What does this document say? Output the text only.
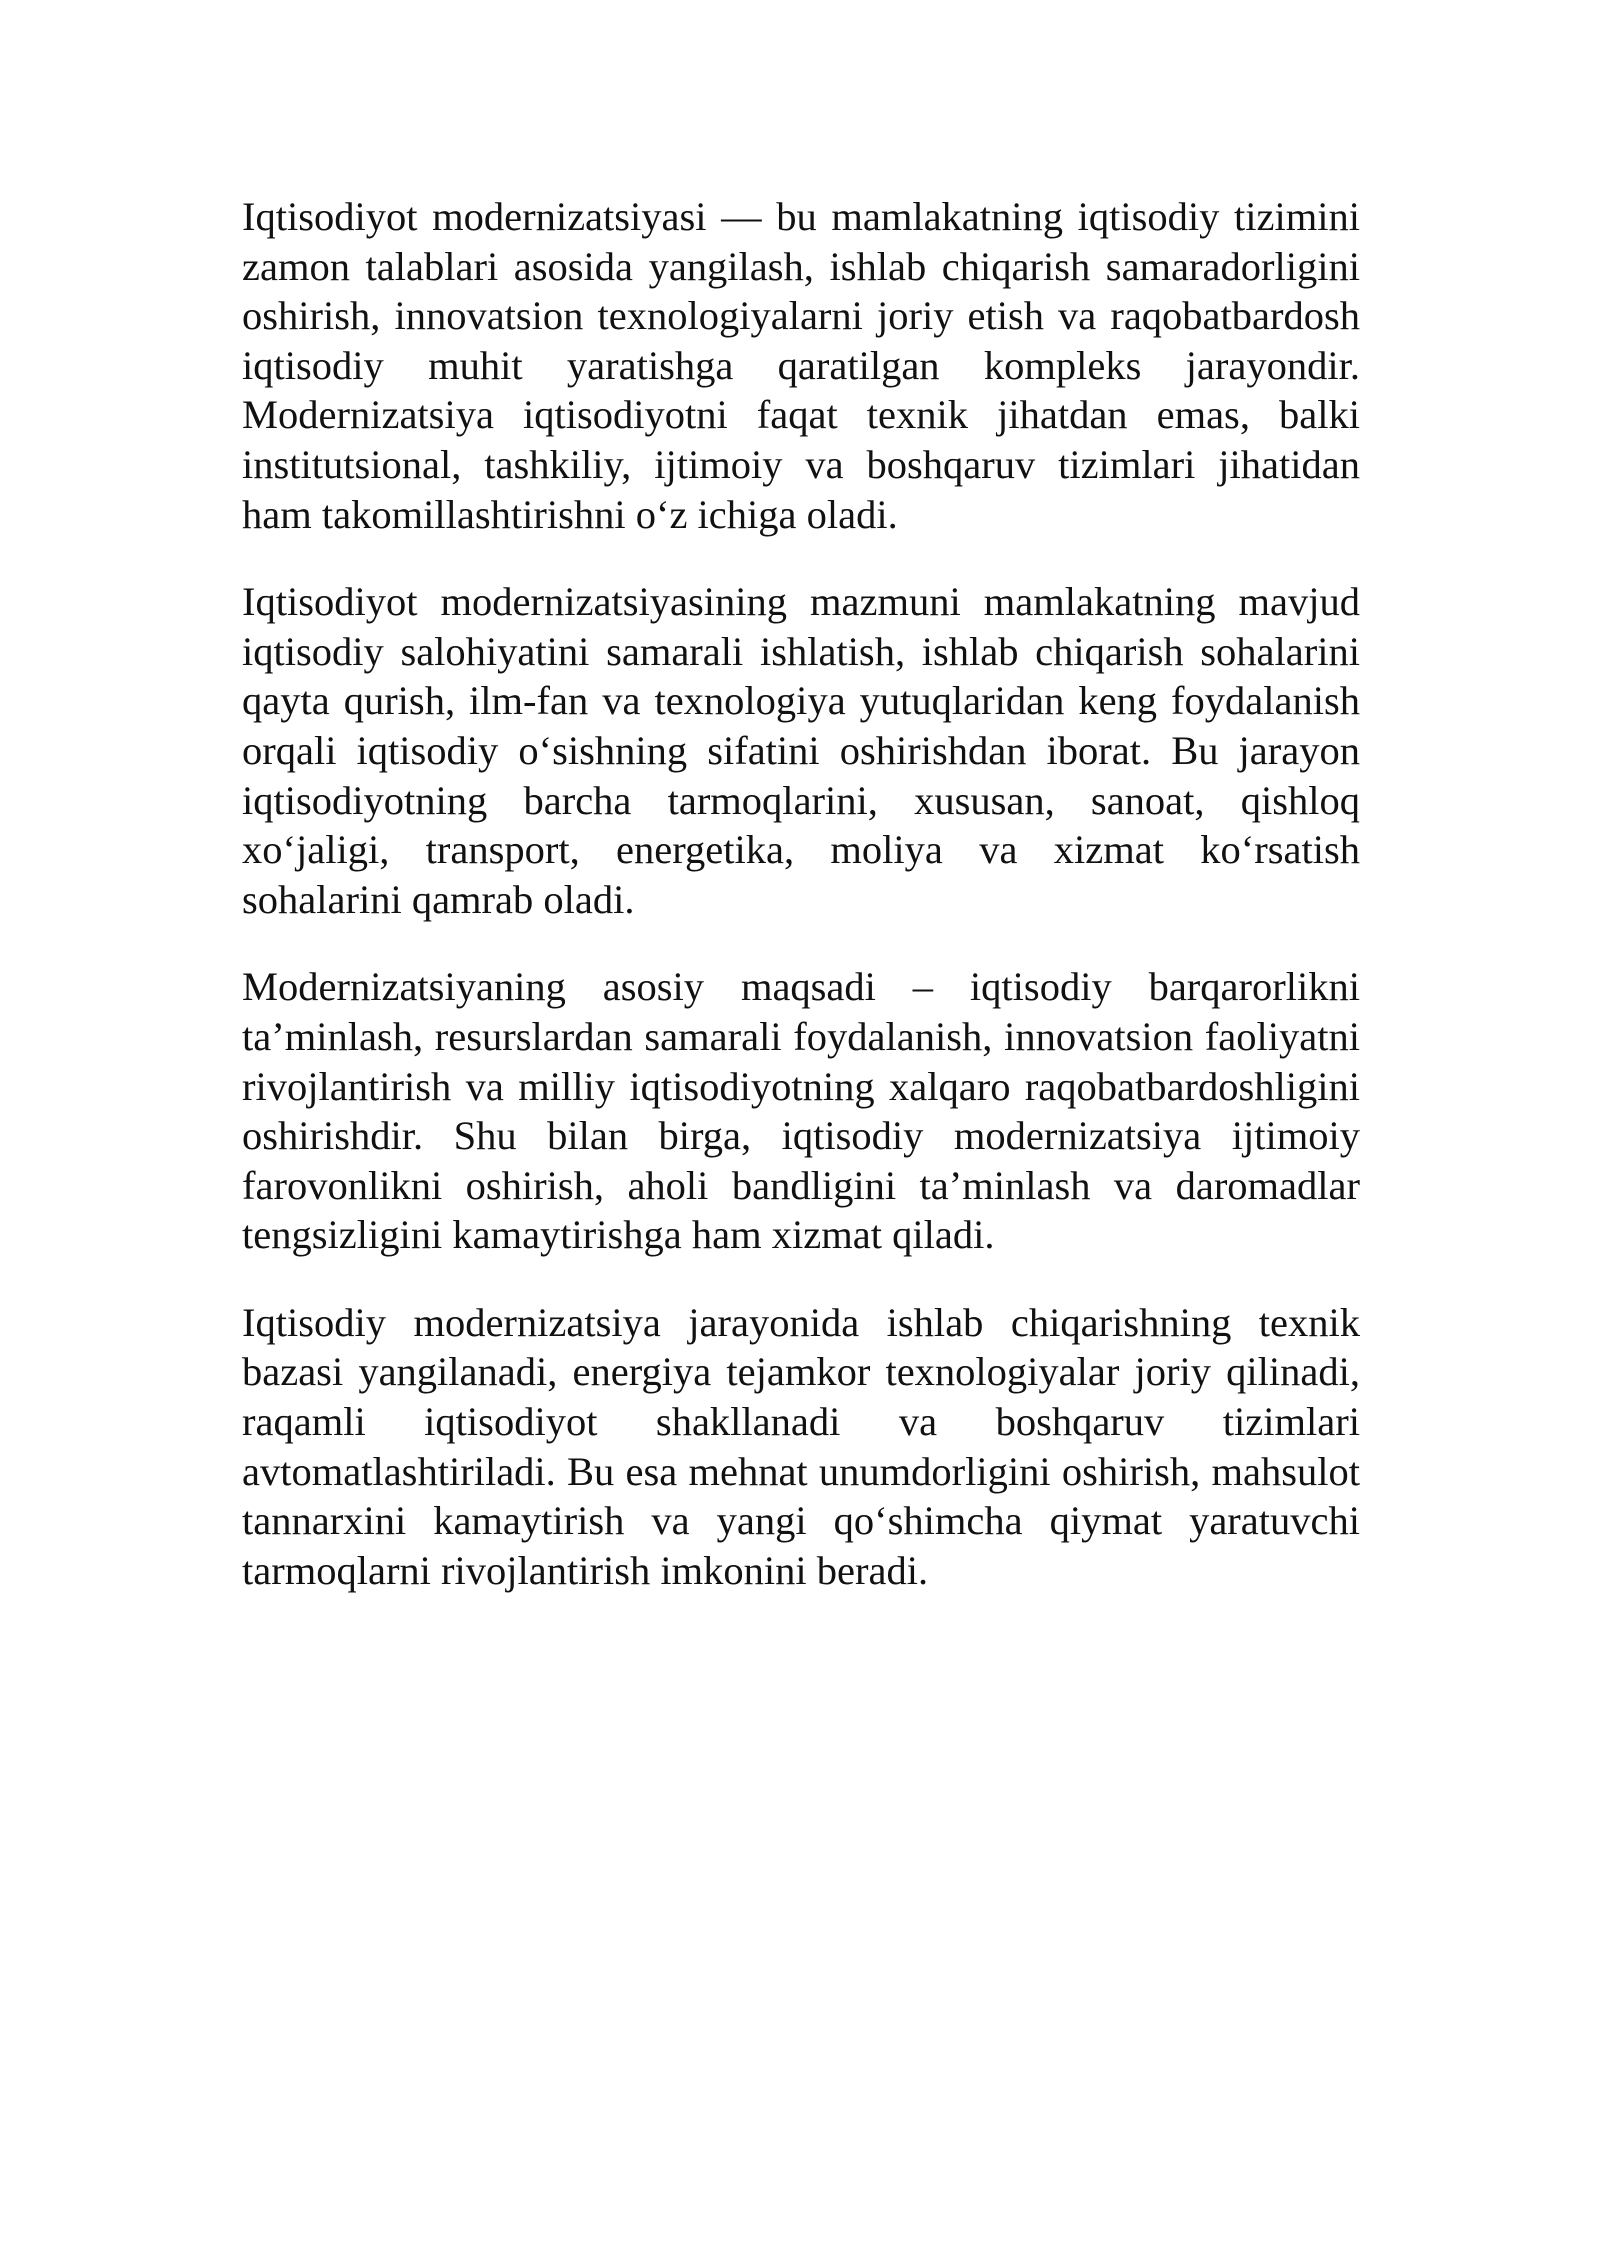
Iqtisodiyot modernizatsiyasi — bu mamlakatning iqtisodiy tizimini zamon talablari asosida yangilash, ishlab chiqarish samaradorligini oshirish, innovatsion texnologiyalarni joriy etish va raqobatbardosh iqtisodiy muhit yaratishga qaratilgan kompleks jarayondir. Modernizatsiya iqtisodiyotni faqat texnik jihatdan emas, balki institutsional, tashkiliy, ijtimoiy va boshqaruv tizimlari jihatidan ham takomillashtirishni o‘z ichiga oladi.

Iqtisodiyot modernizatsiyasining mazmuni mamlakatning mavjud iqtisodiy salohiyatini samarali ishlatish, ishlab chiqarish sohalarini qayta qurish, ilm-fan va texnologiya yutuqlaridan keng foydalanish orqali iqtisodiy o‘sishning sifatini oshirishdan iborat. Bu jarayon iqtisodiyotning barcha tarmoqlarini, xususan, sanoat, qishloq xo‘jaligi, transport, energetika, moliya va xizmat ko‘rsatish sohalarini qamrab oladi.

Modernizatsiyaning asosiy maqsadi – iqtisodiy barqarorlikni ta’minlash, resurslardan samarali foydalanish, innovatsion faoliyatni rivojlantirish va milliy iqtisodiyotning xalqaro raqobatbardoshligini oshirishdir. Shu bilan birga, iqtisodiy modernizatsiya ijtimoiy farovonlikni oshirish, aholi bandligini ta’minlash va daromadlar tengsizligini kamaytirishga ham xizmat qiladi.

Iqtisodiy modernizatsiya jarayonida ishlab chiqarishning texnik bazasi yangilanadi, energiya tejamkor texnologiyalar joriy qilinadi, raqamli iqtisodiyot shakllanadi va boshqaruv tizimlari avtomatlashtiriladi. Bu esa mehnat unumdorligini oshirish, mahsulot tannarxini kamaytirish va yangi qo‘shimcha qiymat yaratuvchi tarmoqlarni rivojlantirish imkonini beradi.
